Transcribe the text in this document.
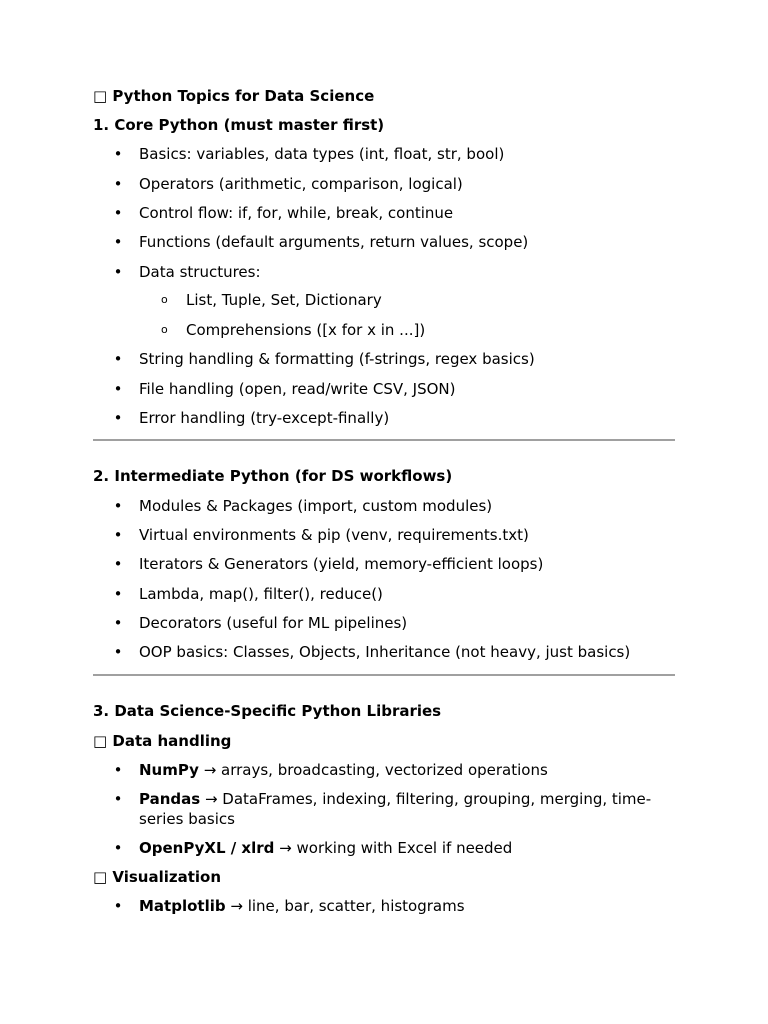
□ Python Topics for Data Science
1. Core Python (must master first)
• Basics: variables, data types (int, float, str, bool)
• Operators (arithmetic, comparison, logical)
• Control flow: if, for, while, break, continue
• Functions (default arguments, return values, scope)
• Data structures:
o List, Tuple, Set, Dictionary
o Comprehensions ([x for x in ...])
• String handling & formatting (f-strings, regex basics)
• File handling (open, read/write CSV, JSON)
• Error handling (try-except-finally)
2. Intermediate Python (for DS workflows)
• Modules & Packages (import, custom modules)
• Virtual environments & pip (venv, requirements.txt)
• Iterators & Generators (yield, memory-efficient loops)
• Lambda, map(), filter(), reduce()
• Decorators (useful for ML pipelines)
• OOP basics: Classes, Objects, Inheritance (not heavy, just basics)
3. Data Science-Specific Python Libraries
□ Data handling
• NumPy → arrays, broadcasting, vectorized operations
• Pandas → DataFrames, indexing, filtering, grouping, merging, time-series basics
• OpenPyXL / xlrd → working with Excel if needed
□ Visualization
• Matplotlib → line, bar, scatter, histograms
